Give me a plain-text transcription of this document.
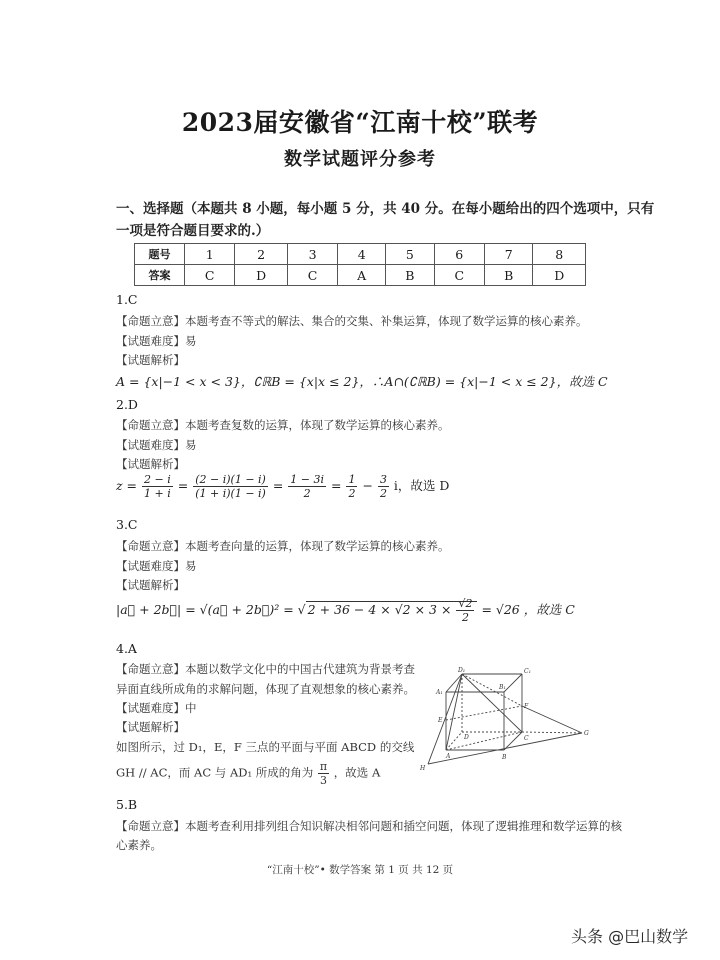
2023届安徽省“江南十校”联考
数学试题评分参考
一、选择题（本题共 8 小题，每小题 5 分，共 40 分。在每小题给出的四个选项中，只有
一项是符合题目要求的.）
题号	1	2	3	4	5	6	7	8
答案	C	D	C	A	B	C	B	D
1.C
【命题立意】本题考查不等式的解法、集合的交集、补集运算，体现了数学运算的核心素养。
【试题难度】易
【试题解析】
A = {x|−1 < x < 3}，∁ℝB = {x|x ≤ 2}，∴A∩(∁ℝB) = {x|−1 < x ≤ 2}，故选 C
2.D
【命题立意】本题考查复数的运算，体现了数学运算的核心素养。
【试题难度】易
【试题解析】
$z = \frac{2 - i}{1 + i} = \frac{(2 - i)(1 - i)}{(1 + i)(1 - i)} = \frac{1 - 3i}{2} = \frac{1}{2} - \frac{3}{2}$ i，故选 D
3.C
【命题立意】本题考查向量的运算，体现了数学运算的核心素养。
【试题难度】易
【试题解析】
|a⃗ + 2b⃗| = √(a⃗ + 2b⃗)² = √ $2 + 36 - 4 \times √2 \times 3 \times \frac{√2}{2} = √26$ ，故选 C
4.A
【命题立意】本题以数学文化中的中国古代建筑为背景考查
异面直线所成角的求解问题，体现了直观想象的核心素养。
【试题难度】中
【试题解析】
如图所示，过 D₁，E，F 三点的平面与平面 ABCD 的交线
GH // AC，而 AC 与 AD₁ 所成的角为 $\frac{\pi}{3}$ ，故选 A
D₁	C₁
A₁
B₁
E
F
D	C
A	B
G
H
5.B
【命题立意】本题考查利用排列组合知识解决相邻问题和插空问题，体现了逻辑推理和数学运算的核
心素养。
“江南十校”• 数学答案 第 1 页 共 12 页
头条 @巴山数学
